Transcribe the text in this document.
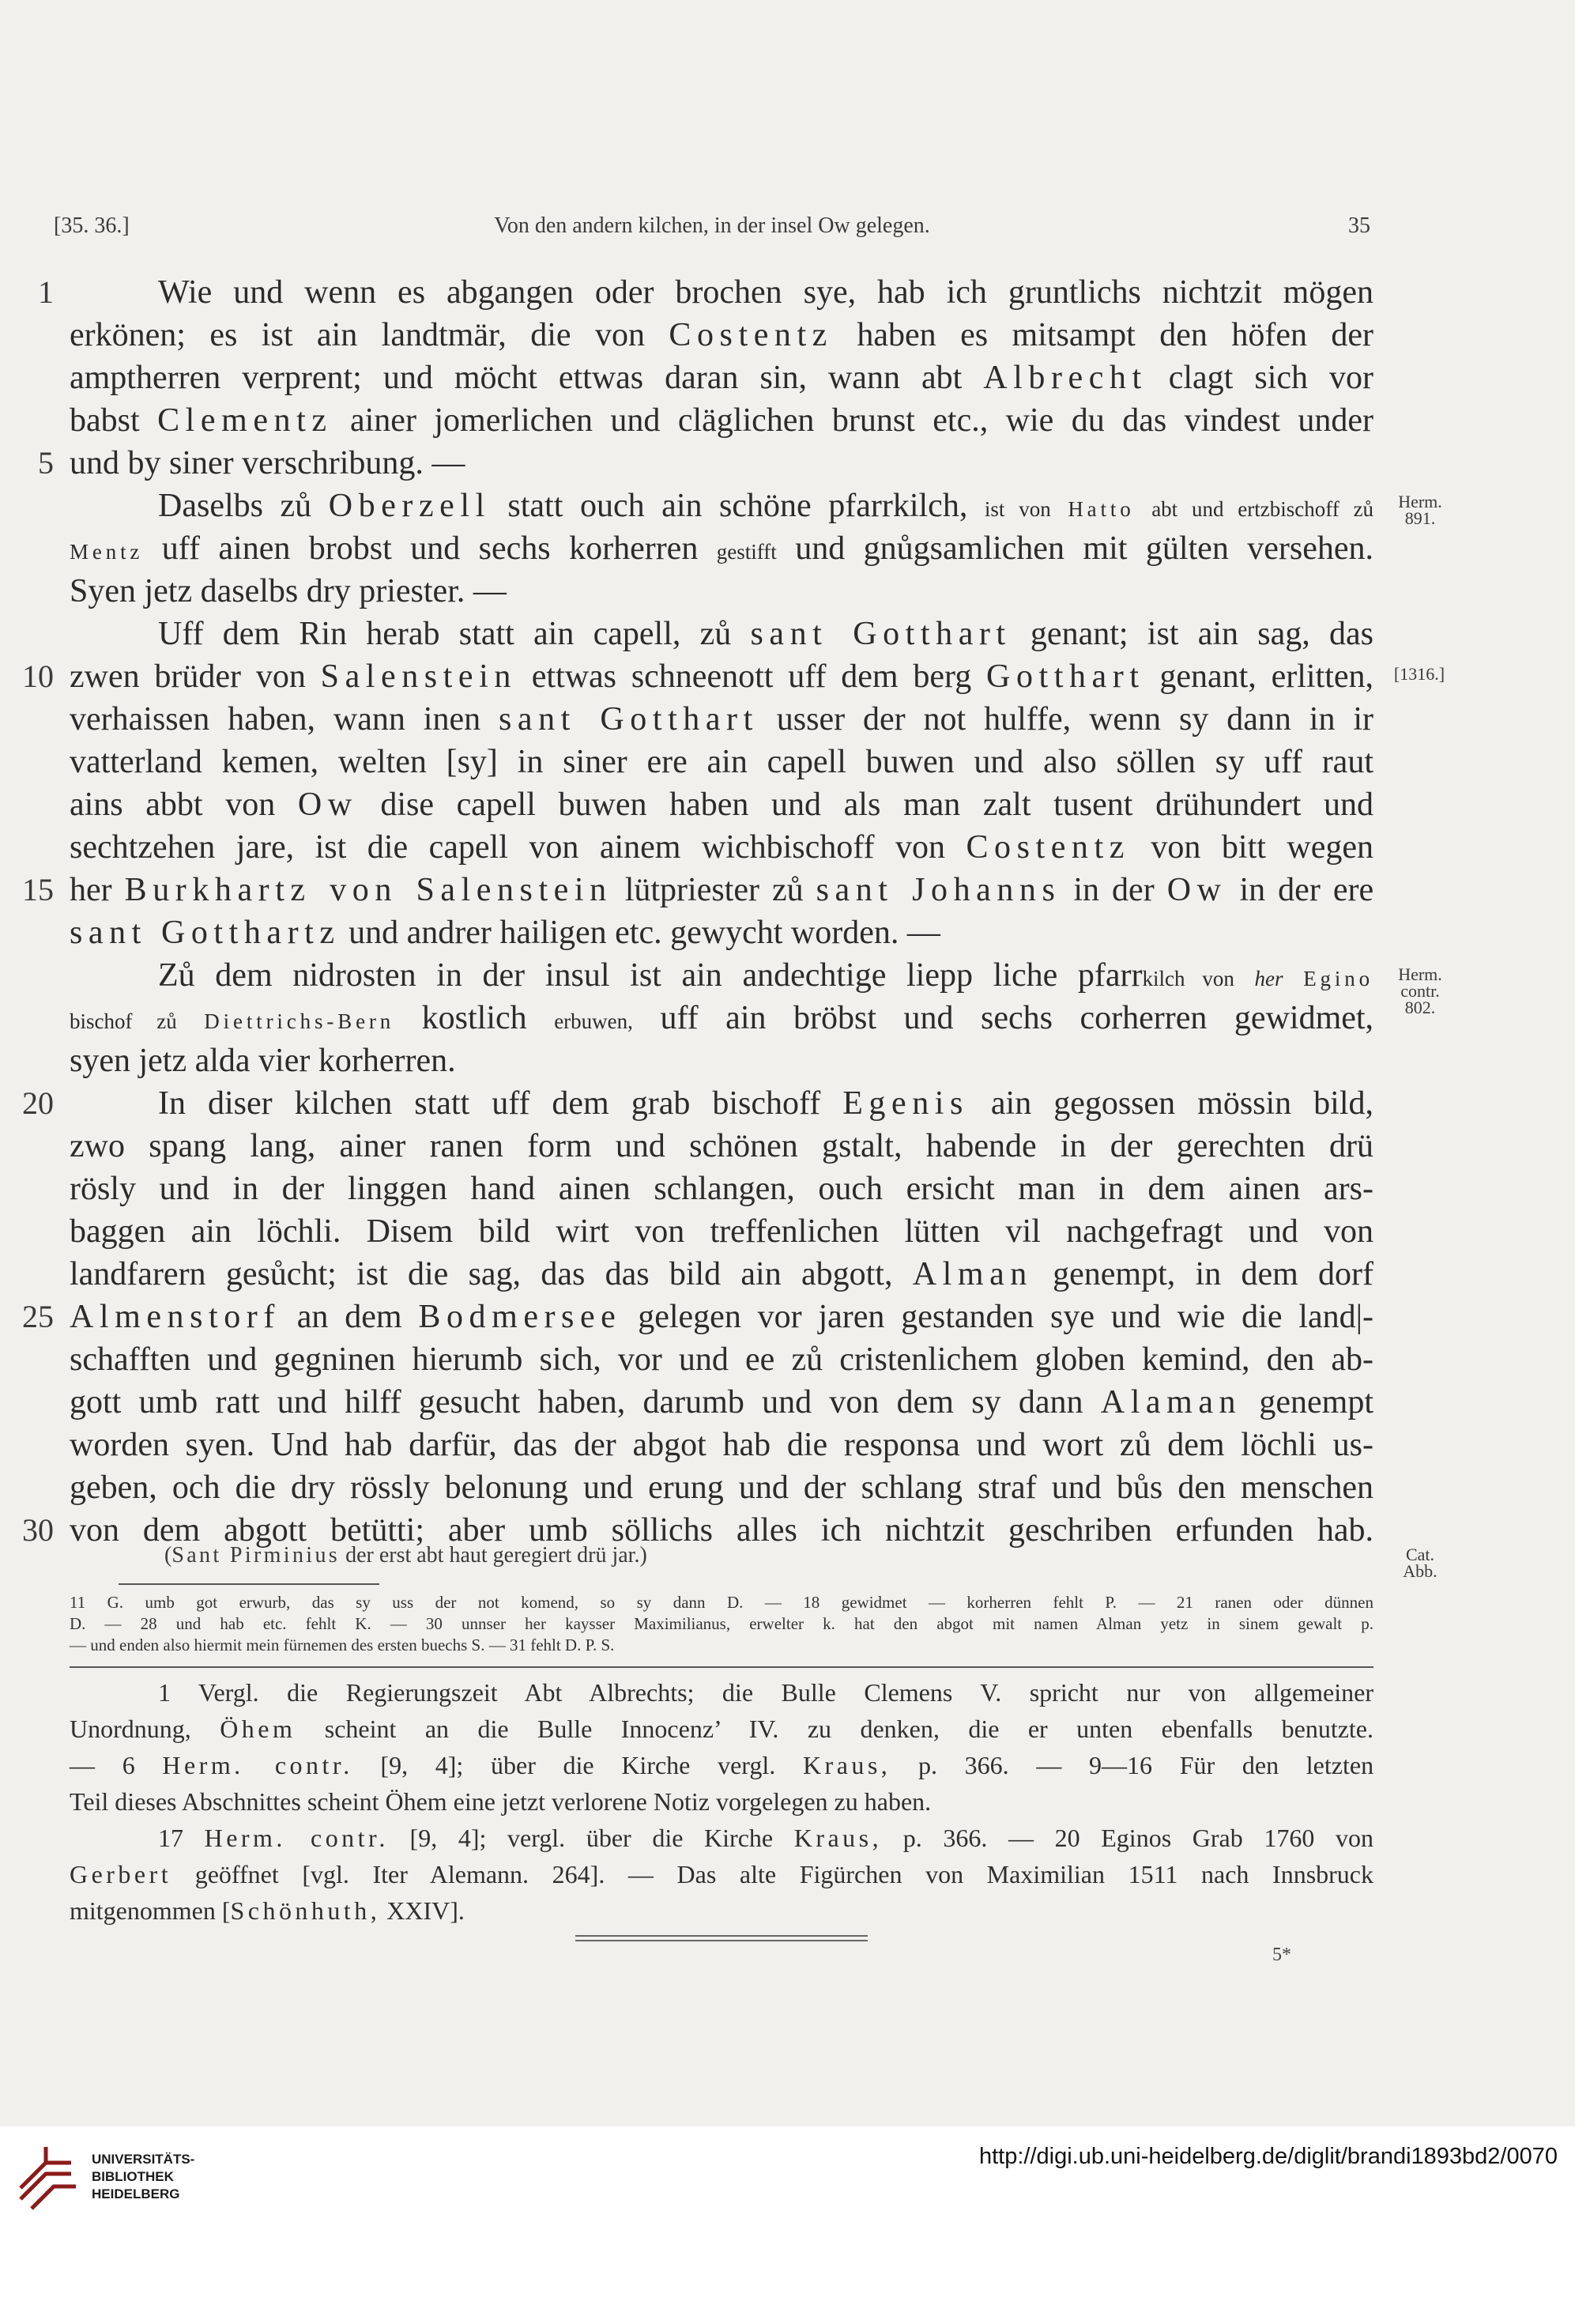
[35. 36.]	Von den andern kilchen, in der insel Ow gelegen.	35
1
5
10
15
20
25
30
Wie und wenn es abgangen oder brochen sye, hab ich gruntlichs nichtzit mögen
erkönen; es ist ain landtmär, die von Costentz haben es mitsampt den höfen der
amptherren verprent; und möcht ettwas daran sin, wann abt Albrecht clagt sich vor
babst Clementz ainer jomerlichen und cläglichen brunst etc., wie du das vindest under
und by siner verschribung. —
Daselbs zů Oberzell statt ouch ain schöne pfarrkilch, ist von Hatto abt und ertzbischoff zů
Mentz uff ainen brobst und sechs korherren gestifft und gnůgsamlichen mit gülten versehen.
Syen jetz daselbs dry priester. —
Uff dem Rin herab statt ain capell, zů sant Gotthart genant; ist ain sag, das
zwen brüder von Salenstein ettwas schneenott uff dem berg Gotthart genant, erlitten,
verhaissen haben, wann inen sant Gotthart usser der not hulffe, wenn sy dann in ir
vatterland kemen, welten [sy] in siner ere ain capell buwen und also söllen sy uff raut
ains abbt von Ow dise capell buwen haben und als man zalt tusent drühundert und
sechtzehen jare, ist die capell von ainem wichbischoff von Costentz von bitt wegen
her Burkhartz von Salenstein lütpriester zů sant Johanns in der Ow in der ere
sant Gotthartz und andrer hailigen etc. gewycht worden. —
Zů dem nidrosten in der insul ist ain andechtige liepp liche pfarrkilch von her Egino
bischof zů Diettrichs-Bern kostlich erbuwen, uff ain bröbst und sechs corherren gewidmet,
syen jetz alda vier korherren.
In diser kilchen statt uff dem grab bischoff Egenis ain gegossen mössin bild,
zwo spang lang, ainer ranen form und schönen gstalt, habende in der gerechten drü
rösly und in der linggen hand ainen schlangen, ouch ersicht man in dem ainen ars-
baggen ain löchli. Disem bild wirt von treffenlichen lütten vil nachgefragt und von
landfarern gesůcht; ist die sag, das das bild ain abgott, Alman genempt, in dem dorf
Almenstorf an dem Bodmersee gelegen vor jaren gestanden sye und wie die land|-
schafften und gegninen hierumb sich, vor und ee zů cristenlichem globen kemind, den ab-
gott umb ratt und hilff gesucht haben, darumb und von dem sy dann Alaman genempt
worden syen. Und hab darfür, das der abgot hab die responsa und wort zů dem löchli us-
geben, och die dry rössly belonung und erung und der schlang straf und bůs den menschen
von dem abgott betütti; aber umb söllichs alles ich nichtzit geschriben erfunden hab.
Herm.
891.
[1316.]
Herm.
contr.
802.
Cat.
Abb.
(Sant Pirminius der erst abt haut geregiert drü jar.)
11 G. umb got erwurb, das sy uss der not komend, so sy dann D. — 18 gewidmet — korherren fehlt P. — 21 ranen oder dünnen
D. — 28 und hab etc. fehlt K. — 30 unnser her kaysser Maximilianus, erwelter k. hat den abgot mit namen Alman yetz in sinem gewalt p.
— und enden also hiermit mein fürnemen des ersten buechs S. — 31 fehlt D. P. S.
1 Vergl. die Regierungszeit Abt Albrechts; die Bulle Clemens V. spricht nur von allgemeiner
Unordnung, Öhem scheint an die Bulle Innocenz’ IV. zu denken, die er unten ebenfalls benutzte.
— 6 Herm. contr. [9, 4]; über die Kirche vergl. Kraus, p. 366. — 9—16 Für den letzten
Teil dieses Abschnittes scheint Öhem eine jetzt verlorene Notiz vorgelegen zu haben.
17 Herm. contr. [9, 4]; vergl. über die Kirche Kraus, p. 366. — 20 Eginos Grab 1760 von
Gerbert geöffnet [vgl. Iter Alemann. 264]. — Das alte Figürchen von Maximilian 1511 nach Innsbruck
mitgenommen [Schönhuth, XXIV].
5*
UNIVERSITÄTS-
BIBLIOTHEK
HEIDELBERG
http://digi.ub.uni-heidelberg.de/diglit/brandi1893bd2/0070
